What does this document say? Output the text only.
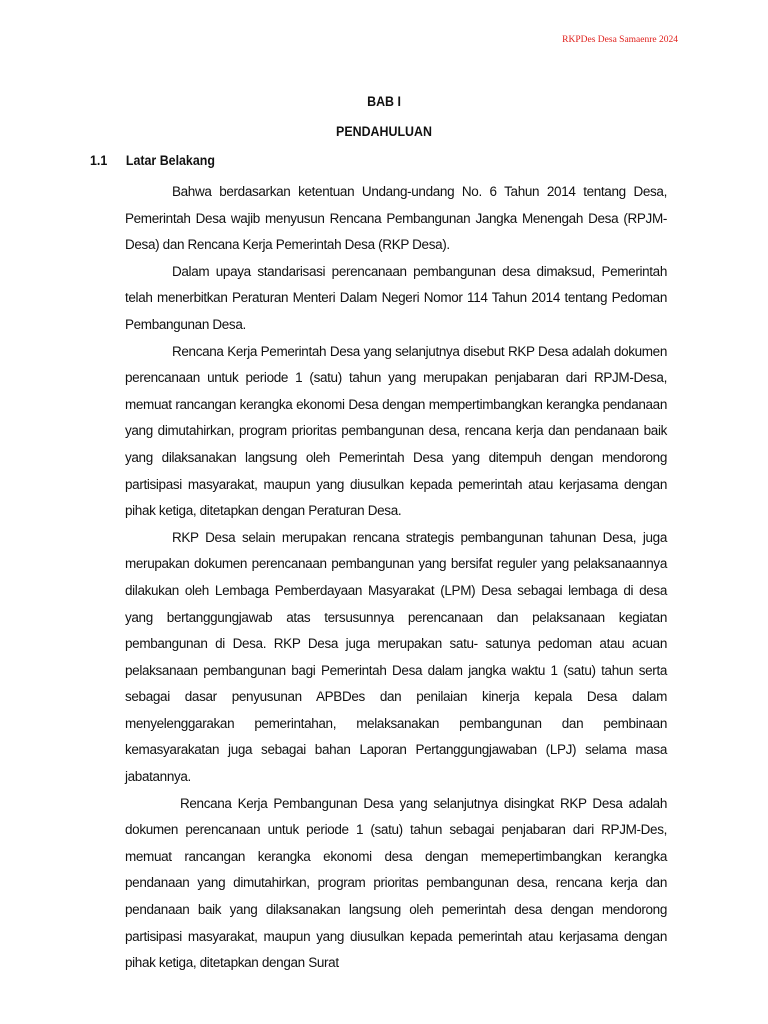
RKPDes Desa Samaenre 2024
BAB I
PENDAHULUAN
1.1	Latar Belakang

Bahwa berdasarkan ketentuan Undang-undang No. 6 Tahun 2014 tentang Desa, Pemerintah Desa wajib menyusun Rencana Pembangunan Jangka Menengah Desa (RPJM-Desa) dan Rencana Kerja Pemerintah Desa (RKP Desa).

Dalam upaya standarisasi perencanaan pembangunan desa dimaksud, Pemerintah telah menerbitkan Peraturan Menteri Dalam Negeri Nomor 114 Tahun 2014 tentang Pedoman Pembangunan Desa.

Rencana Kerja Pemerintah Desa yang selanjutnya disebut RKP Desa adalah dokumen perencanaan untuk periode 1 (satu) tahun yang merupakan penjabaran dari RPJM-Desa, memuat rancangan kerangka ekonomi Desa dengan mempertimbangkan kerangka pendanaan yang dimutahirkan, program prioritas pembangunan desa, rencana kerja dan pendanaan baik yang dilaksanakan langsung oleh Pemerintah Desa yang ditempuh dengan mendorong partisipasi masyarakat, maupun yang diusulkan kepada pemerintah atau kerjasama dengan pihak ketiga, ditetapkan dengan Peraturan Desa.

RKP Desa selain merupakan rencana strategis pembangunan tahunan Desa, juga merupakan dokumen perencanaan pembangunan yang bersifat reguler yang pelaksanaannya dilakukan oleh Lembaga Pemberdayaan Masyarakat (LPM) Desa sebagai lembaga di desa yang bertanggungjawab atas tersusunnya perencanaan dan pelaksanaan kegiatan pembangunan di Desa. RKP Desa juga merupakan satu- satunya pedoman atau acuan pelaksanaan pembangunan bagi Pemerintah Desa dalam jangka waktu 1 (satu) tahun serta sebagai dasar penyusunan APBDes dan penilaian kinerja kepala Desa dalam menyelenggarakan pemerintahan, melaksanakan pembangunan dan pembinaan kemasyarakatan juga sebagai bahan Laporan Pertanggungjawaban (LPJ) selama masa jabatannya.

Rencana Kerja Pembangunan Desa yang selanjutnya disingkat RKP Desa adalah dokumen perencanaan untuk periode 1 (satu) tahun sebagai penjabaran dari RPJM-Des, memuat rancangan kerangka ekonomi desa dengan memepertimbangkan kerangka pendanaan yang dimutahirkan, program prioritas pembangunan desa, rencana kerja dan pendanaan baik yang dilaksanakan langsung oleh pemerintah desa dengan mendorong partisipasi masyarakat, maupun yang diusulkan kepada pemerintah atau kerjasama dengan pihak ketiga, ditetapkan dengan Surat
